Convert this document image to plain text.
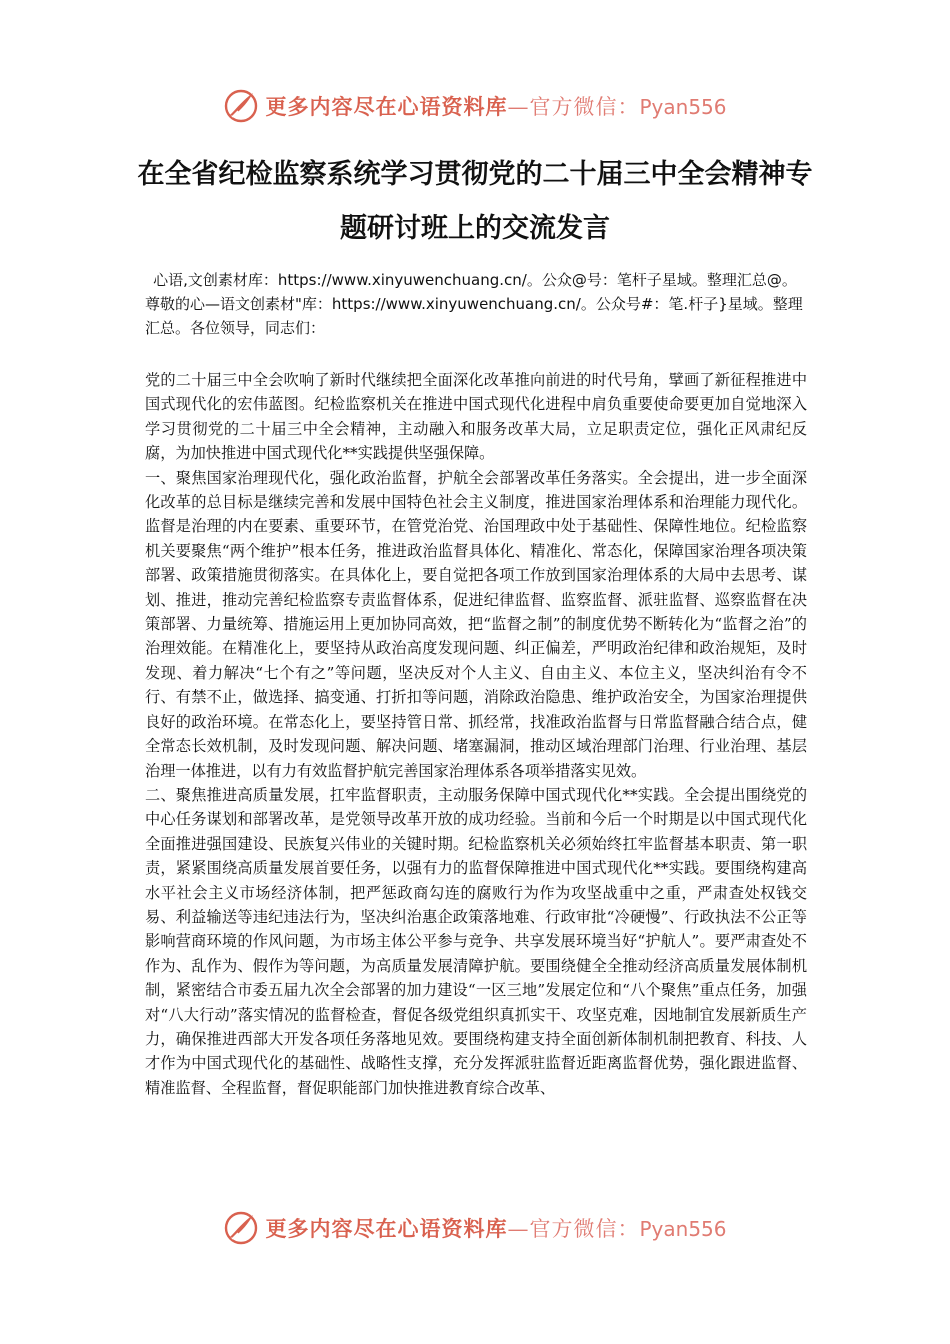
更多内容尽在心语资料库—官方微信：Pyan556
在全省纪检监察系统学习贯彻党的二十届三中全会精神专题研讨班上的交流发言
心语,文创素材库：https://www.xinyuwenchuang.cn/。公众@号：笔杆子星域。整理汇总@。
尊敬的心—语文创素材"库：https://www.xinyuwenchuang.cn/。公众号#：笔.杆子}星域。整理汇总。各位领导，同志们：

党的二十届三中全会吹响了新时代继续把全面深化改革推向前进的时代号角，擘画了新征程推进中国式现代化的宏伟蓝图。纪检监察机关在推进中国式现代化进程中肩负重要使命要更加自觉地深入学习贯彻党的二十届三中全会精神，主动融入和服务改革大局，立足职责定位，强化正风肃纪反腐，为加快推进中国式现代化**实践提供坚强保障。

一、聚焦国家治理现代化，强化政治监督，护航全会部署改革任务落实。全会提出，进一步全面深化改革的总目标是继续完善和发展中国特色社会主义制度，推进国家治理体系和治理能力现代化。监督是治理的内在要素、重要环节，在管党治党、治国理政中处于基础性、保障性地位。纪检监察机关要聚焦“两个维护”根本任务，推进政治监督具体化、精准化、常态化，保障国家治理各项决策部署、政策措施贯彻落实。在具体化上，要自觉把各项工作放到国家治理体系的大局中去思考、谋划、推进，推动完善纪检监察专责监督体系，促进纪律监督、监察监督、派驻监督、巡察监督在决策部署、力量统筹、措施运用上更加协同高效，把“监督之制”的制度优势不断转化为“监督之治”的治理效能。在精准化上，要坚持从政治高度发现问题、纠正偏差，严明政治纪律和政治规矩，及时发现、着力解决“七个有之”等问题，坚决反对个人主义、自由主义、本位主义，坚决纠治有令不行、有禁不止，做选择、搞变通、打折扣等问题，消除政治隐患、维护政治安全，为国家治理提供良好的政治环境。在常态化上，要坚持管日常、抓经常，找准政治监督与日常监督融合结合点，健全常态长效机制，及时发现问题、解决问题、堵塞漏洞，推动区域治理部门治理、行业治理、基层治理一体推进，以有力有效监督护航完善国家治理体系各项举措落实见效。

二、聚焦推进高质量发展，扛牢监督职责，主动服务保障中国式现代化**实践。全会提出围绕党的中心任务谋划和部署改革，是党领导改革开放的成功经验。当前和今后一个时期是以中国式现代化全面推进强国建设、民族复兴伟业的关键时期。纪检监察机关必须始终扛牢监督基本职责、第一职责，紧紧围绕高质量发展首要任务，以强有力的监督保障推进中国式现代化**实践。要围绕构建高水平社会主义市场经济体制，把严惩政商勾连的腐败行为作为攻坚战重中之重，严肃查处权钱交易、利益输送等违纪违法行为，坚决纠治惠企政策落地难、行政审批“冷硬慢”、行政执法不公正等影响营商环境的作风问题，为市场主体公平参与竞争、共享发展环境当好“护航人”。要严肃查处不作为、乱作为、假作为等问题，为高质量发展清障护航。要围绕健全全推动经济高质量发展体制机制，紧密结合市委五届九次全会部署的加力建设“一区三地”发展定位和“八个聚焦”重点任务，加强对“八大行动”落实情况的监督检查，督促各级党组织真抓实干、攻坚克难，因地制宜发展新质生产力，确保推进西部大开发各项任务落地见效。要围绕构建支持全面创新体制机制把教育、科技、人才作为中国式现代化的基础性、战略性支撑，充分发挥派驻监督近距离监督优势，强化跟进监督、精准监督、全程监督，督促职能部门加快推进教育综合改革、

更多内容尽在心语资料库—官方微信：Pyan556
